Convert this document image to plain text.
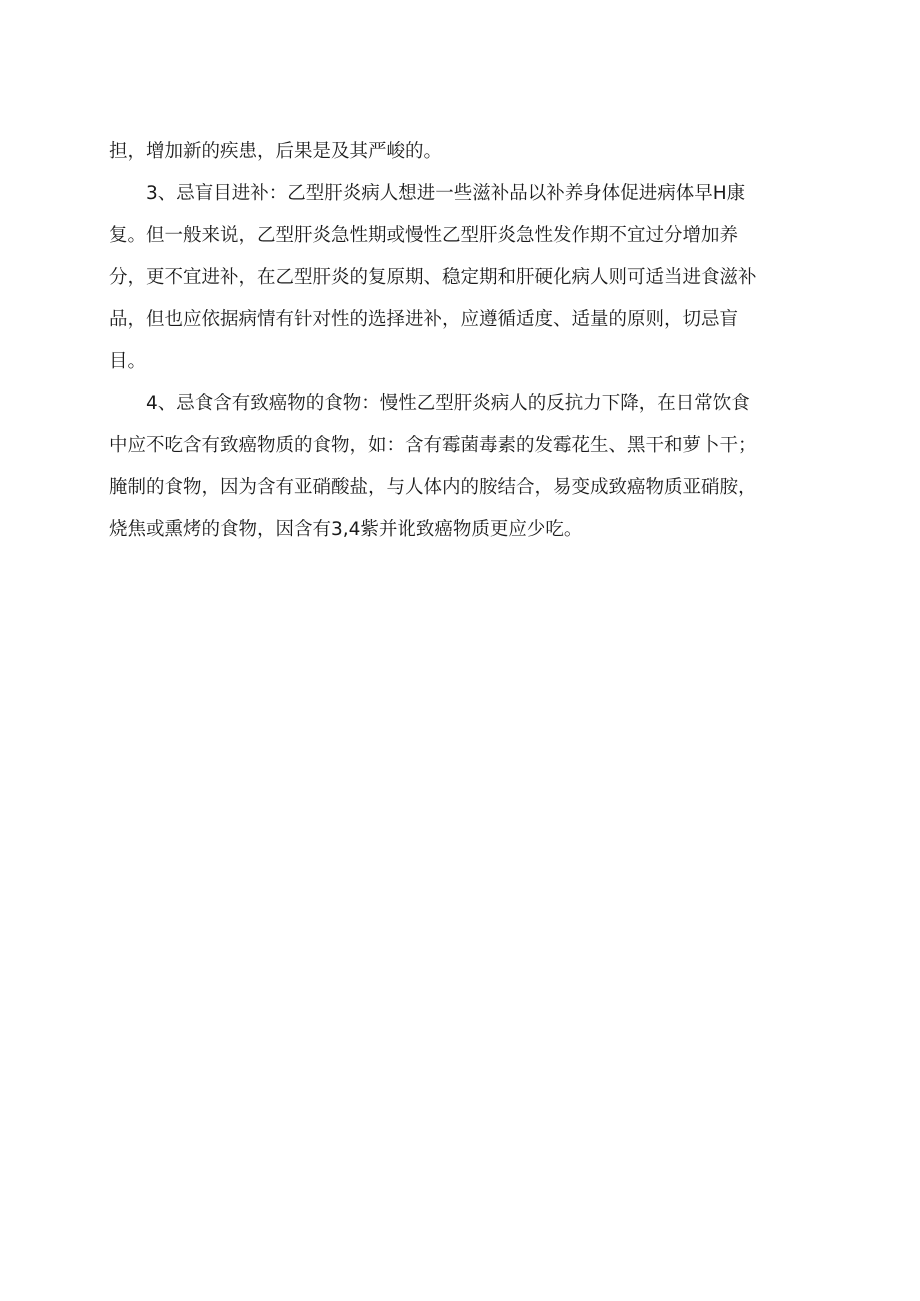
担，增加新的疾患，后果是及其严峻的。
3、忌盲目进补：乙型肝炎病人想进一些滋补品以补养身体促进病体早H康
复。但一般来说，乙型肝炎急性期或慢性乙型肝炎急性发作期不宜过分增加养
分，更不宜进补，在乙型肝炎的复原期、稳定期和肝硬化病人则可适当进食滋补
品，但也应依据病情有针对性的选择进补，应遵循适度、适量的原则，切忌盲
目。
4、忌食含有致癌物的食物：慢性乙型肝炎病人的反抗力下降，在日常饮食
中应不吃含有致癌物质的食物，如：含有霉菌毒素的发霉花生、黑干和萝卜干；
腌制的食物，因为含有亚硝酸盐，与人体内的胺结合，易变成致癌物质亚硝胺，
烧焦或熏烤的食物，因含有3,4紫并讹致癌物质更应少吃。
